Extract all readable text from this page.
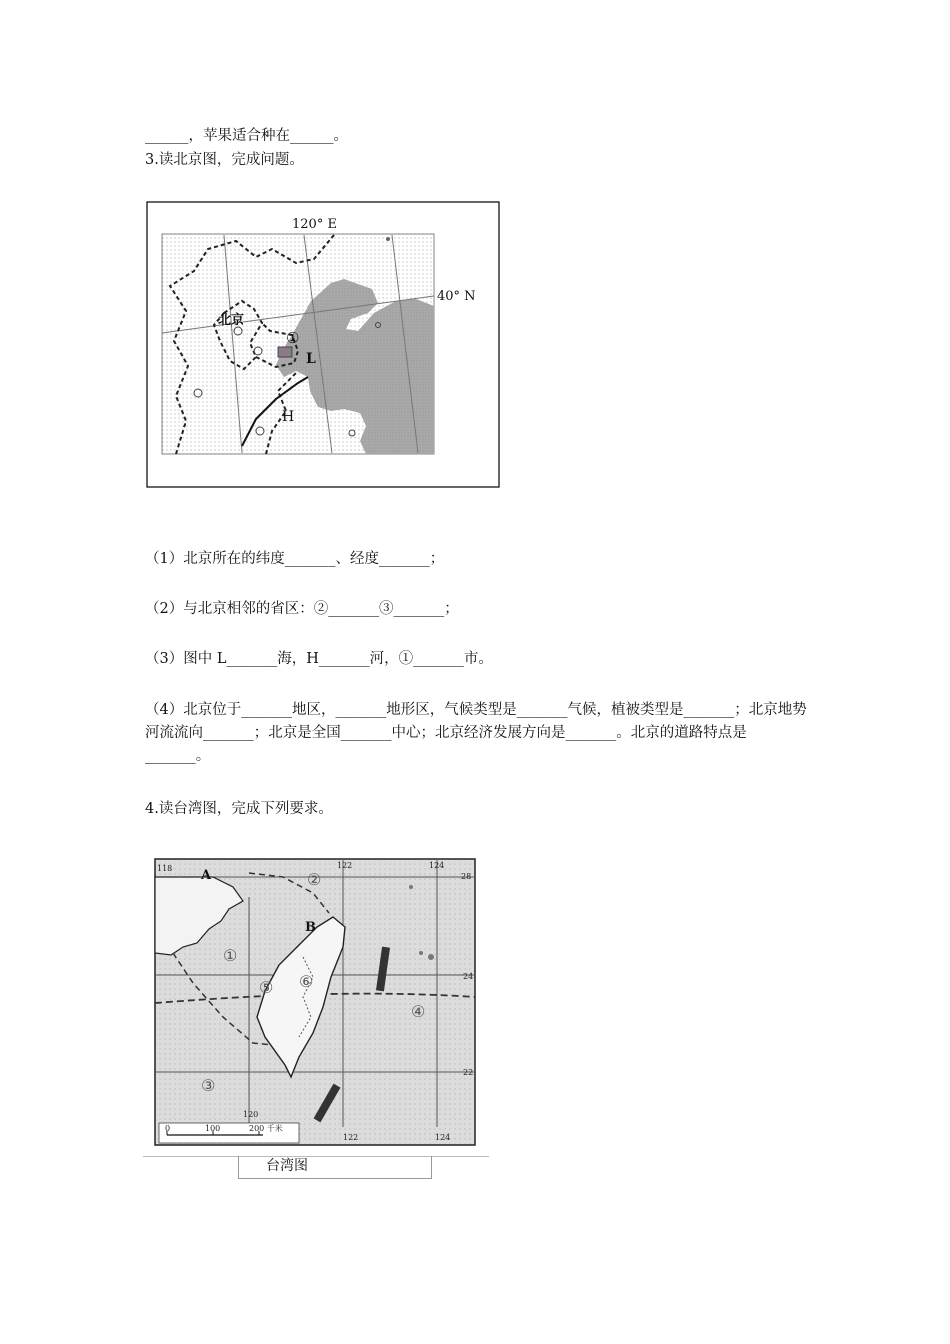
______，苹果适合种在______。
3.读北京图，完成问题。
120° E
40° N
北京
①
L
H
（1）北京所在的纬度_______、经度_______；
（2）与北京相邻的省区：②_______③_______；
（3）图中 L_______海，H_______河，①_______市。
（4）北京位于_______地区，_______地形区，气候类型是_______气候，植被类型是_______；北京地势河流流向_______；北京是全国_______中心；北京经济发展方向是_______。北京的道路特点是_______。
4.读台湾图，完成下列要求。
118	122	124
28
24
22
120
122	124
A
B
①
②
③
④
⑤ ⑥
0	100	200 千米
台湾图
